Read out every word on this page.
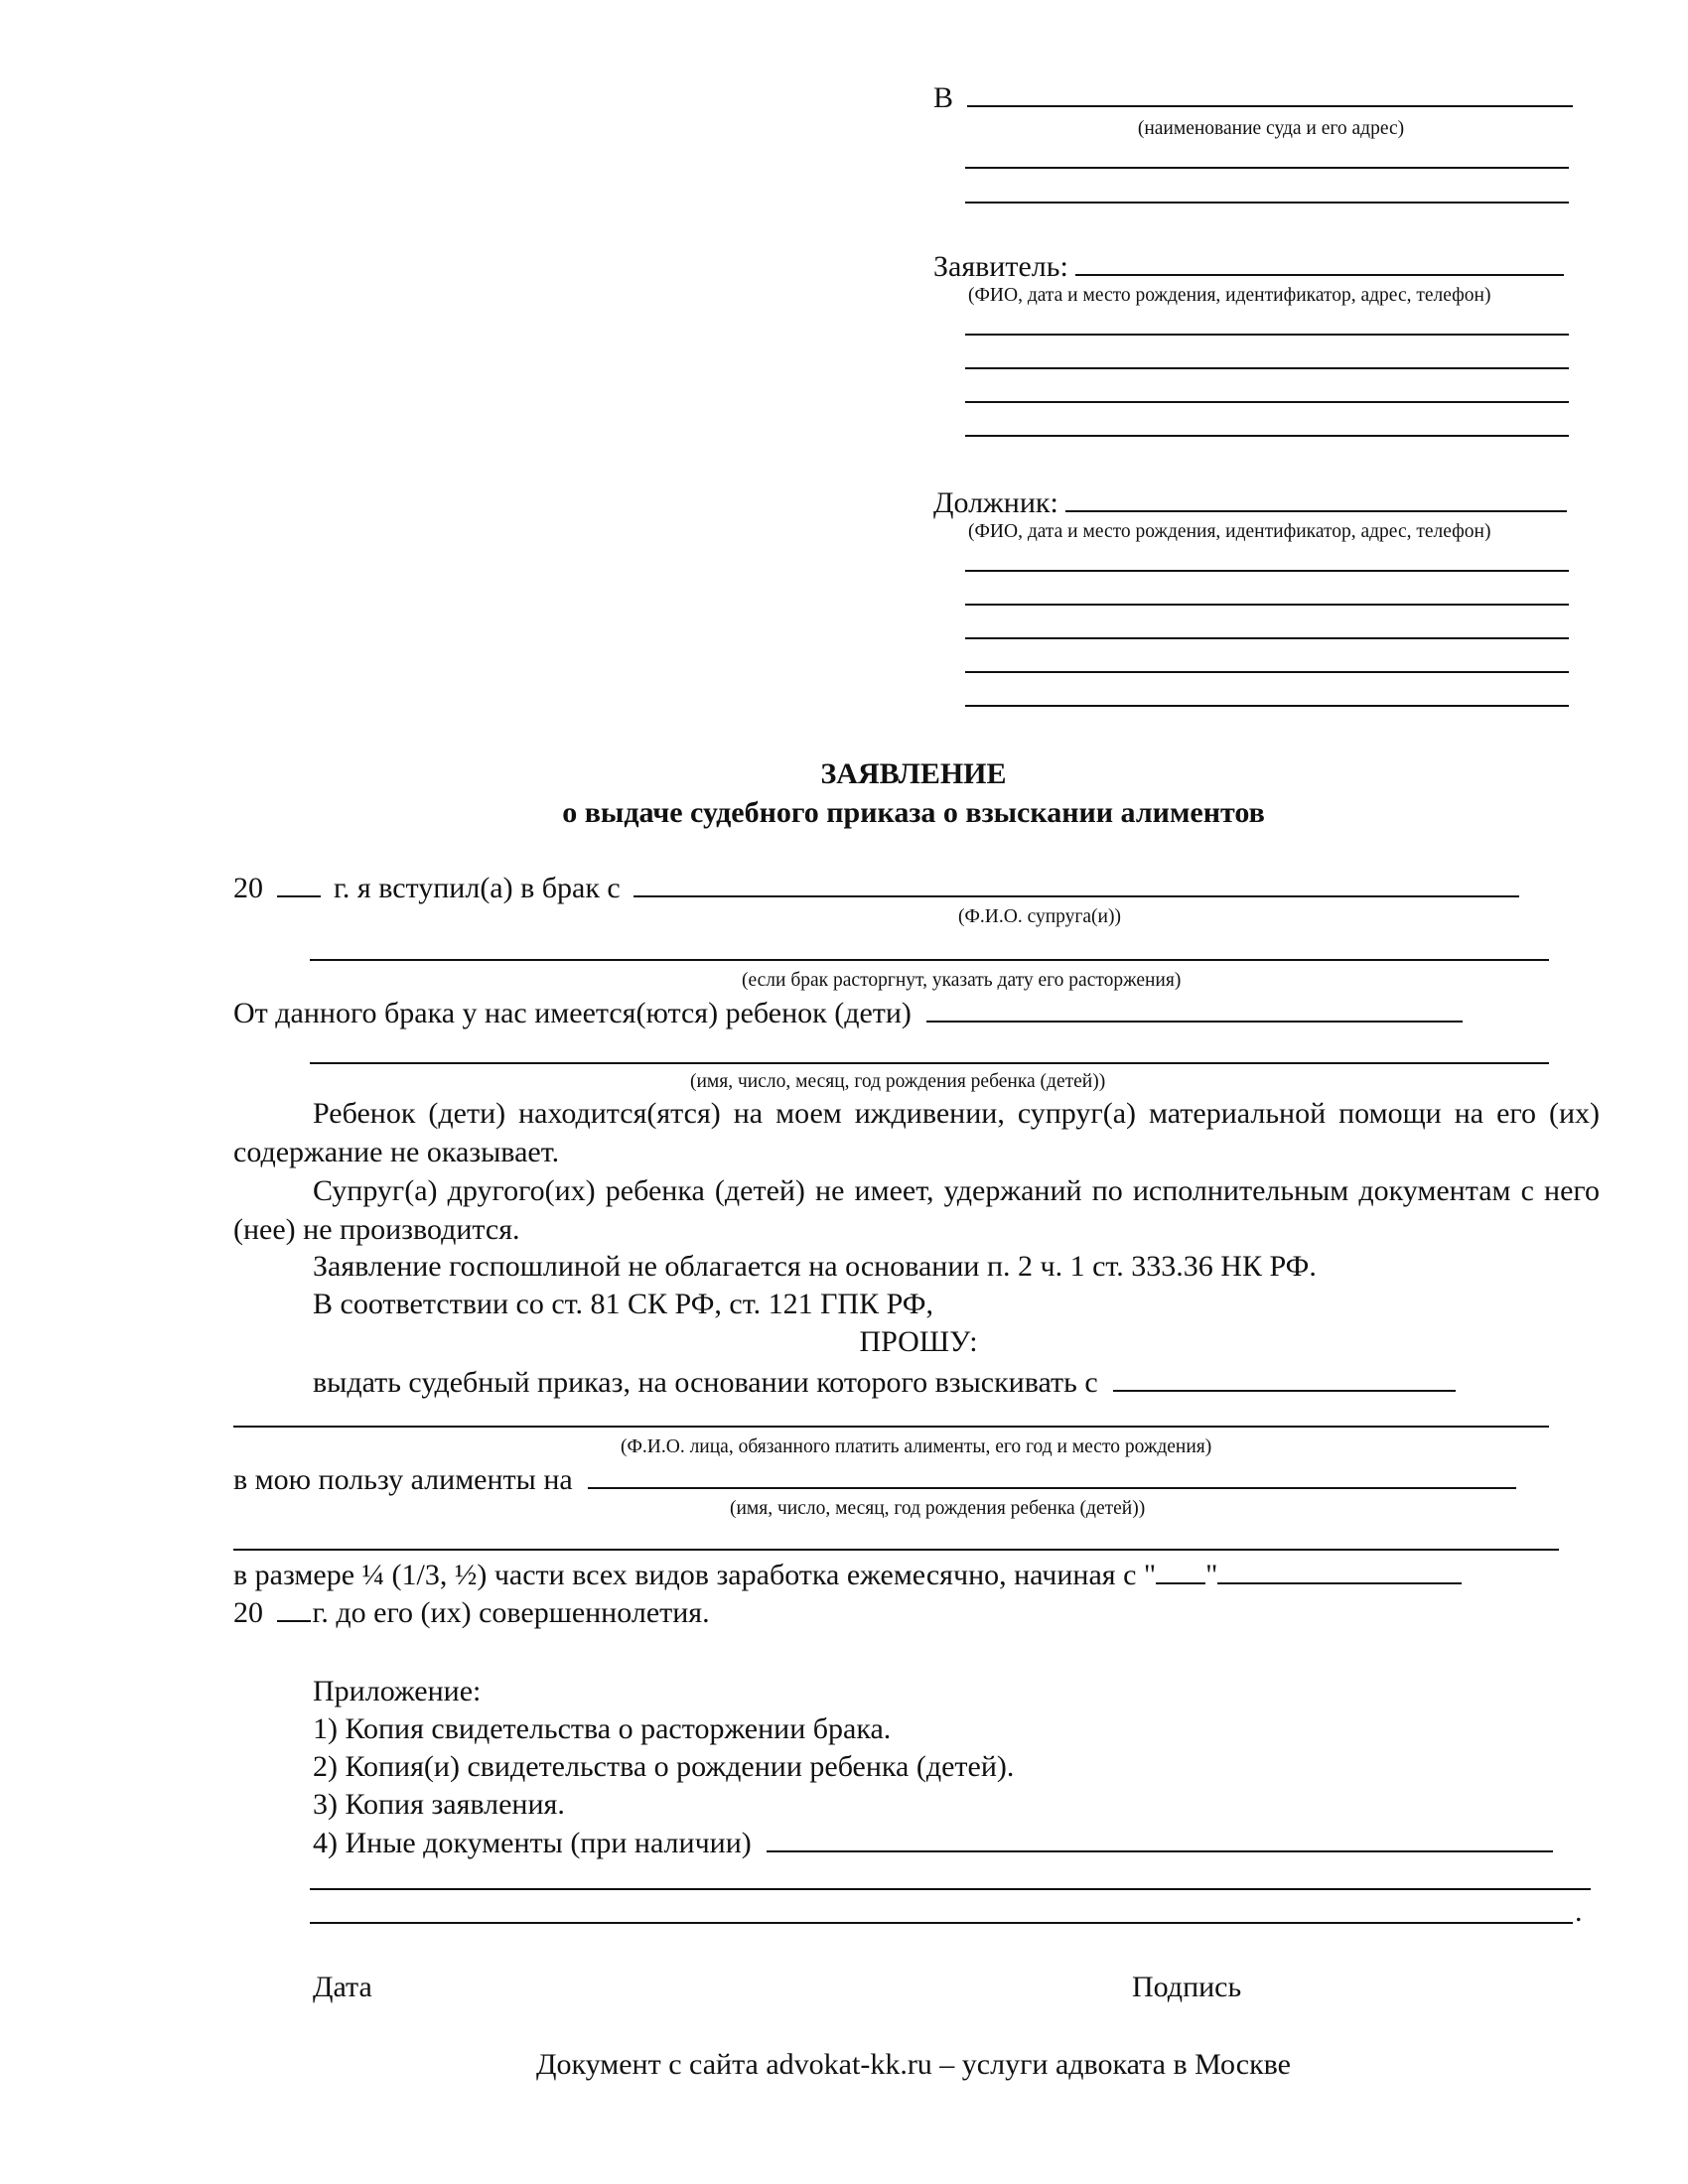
В
(наименование суда и его адрес)
Заявитель:
(ФИО, дата и место рождения, идентификатор, адрес, телефон)
Должник:
(ФИО, дата и место рождения, идентификатор, адрес, телефон)
ЗАЯВЛЕНИЕ
о выдаче судебного приказа о взыскании алиментов
20 г. я вступил(а) в брак с
(Ф.И.О. супруга(и))
(если брак расторгнут, указать дату его расторжения)
От данного брака у нас имеется(ются) ребенок (дети)
(имя, число, месяц, год рождения ребенка (детей))
Ребенок (дети) находится(ятся) на моем иждивении, супруг(а) материальной помощи на его (их) содержание не оказывает.
Супруг(а) другого(их) ребенка (детей) не имеет, удержаний по исполнительным документам с него (нее) не производится.
Заявление госпошлиной не облагается на основании п. 2 ч. 1 ст. 333.36 НК РФ.
В соответствии со ст. 81 СК РФ, ст. 121 ГПК РФ,
ПРОШУ:
выдать судебный приказ, на основании которого взыскивать с
(Ф.И.О. лица, обязанного платить алименты, его год и место рождения)
в мою пользу алименты на
(имя, число, месяц, год рождения ребенка (детей))
в размере ¼ (1/3, ½) части всех видов заработка ежемесячно, начиная с " "
20 г. до его (их) совершеннолетия.
Приложение:
1) Копия свидетельства о расторжении брака.
2) Копия(и) свидетельства о рождении ребенка (детей).
3) Копия заявления.
4) Иные документы (при наличии)
.
Дата	Подпись
Документ с сайта advokat-kk.ru – услуги адвоката в Москве
